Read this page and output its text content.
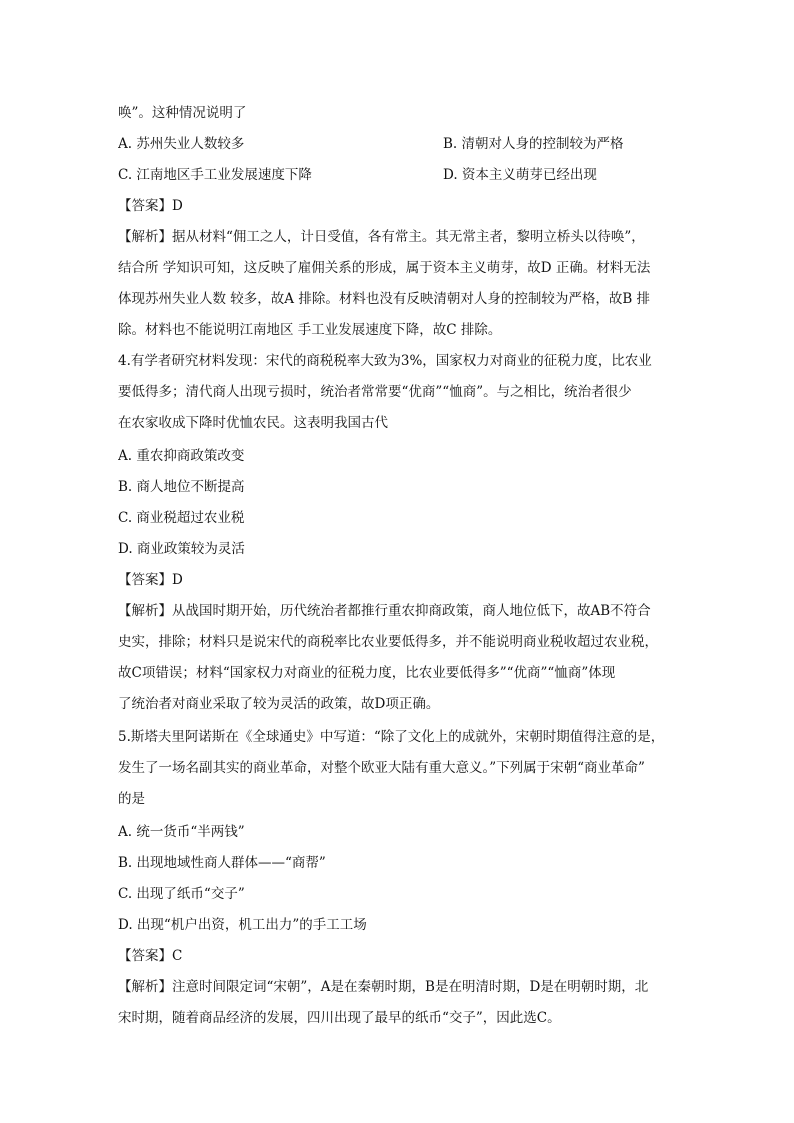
唤”。这种情况说明了
A. 苏州失业人数较多	B. 清朝对人身的控制较为严格
C. 江南地区手工业发展速度下降	D. 资本主义萌芽已经出现
【答案】D
【解析】据从材料“佣工之人，计日受值，各有常主。其无常主者，黎明立桥头以待唤”，
结合所 学知识可知，这反映了雇佣关系的形成，属于资本主义萌芽，故D 正确。材料无法
体现苏州失业人数 较多，故A 排除。材料也没有反映清朝对人身的控制较为严格，故B 排
除。材料也不能说明江南地区 手工业发展速度下降，故C 排除。
4.有学者研究材料发现：宋代的商税税率大致为3%，国家权力对商业的征税力度，比农业
要低得多；清代商人出现亏损时，统治者常常要“优商”“恤商”。与之相比，统治者很少
在农家收成下降时优恤农民。这表明我国古代
A. 重农抑商政策改变
B. 商人地位不断提高
C. 商业税超过农业税
D. 商业政策较为灵活
【答案】D
【解析】从战国时期开始，历代统治者都推行重农抑商政策，商人地位低下，故AB不符合
史实，排除；材料只是说宋代的商税率比农业要低得多，并不能说明商业税收超过农业税，
故C项错误；材料“国家权力对商业的征税力度，比农业要低得多”“优商”“恤商”体现
了统治者对商业采取了较为灵活的政策，故D项正确。
5.斯塔夫里阿诺斯在《全球通史》中写道：“除了文化上的成就外，宋朝时期值得注意的是，
发生了一场名副其实的商业革命，对整个欧亚大陆有重大意义。”下列属于宋朝“商业革命”
的是
A. 统一货币“半两钱”
B. 出现地域性商人群体——“商帮”
C. 出现了纸币“交子”
D. 出现“机户出资，机工出力”的手工工场
【答案】C
【解析】注意时间限定词“宋朝”，A是在秦朝时期，B是在明清时期，D是在明朝时期，北
宋时期，随着商品经济的发展，四川出现了最早的纸币“交子”，因此选C。
